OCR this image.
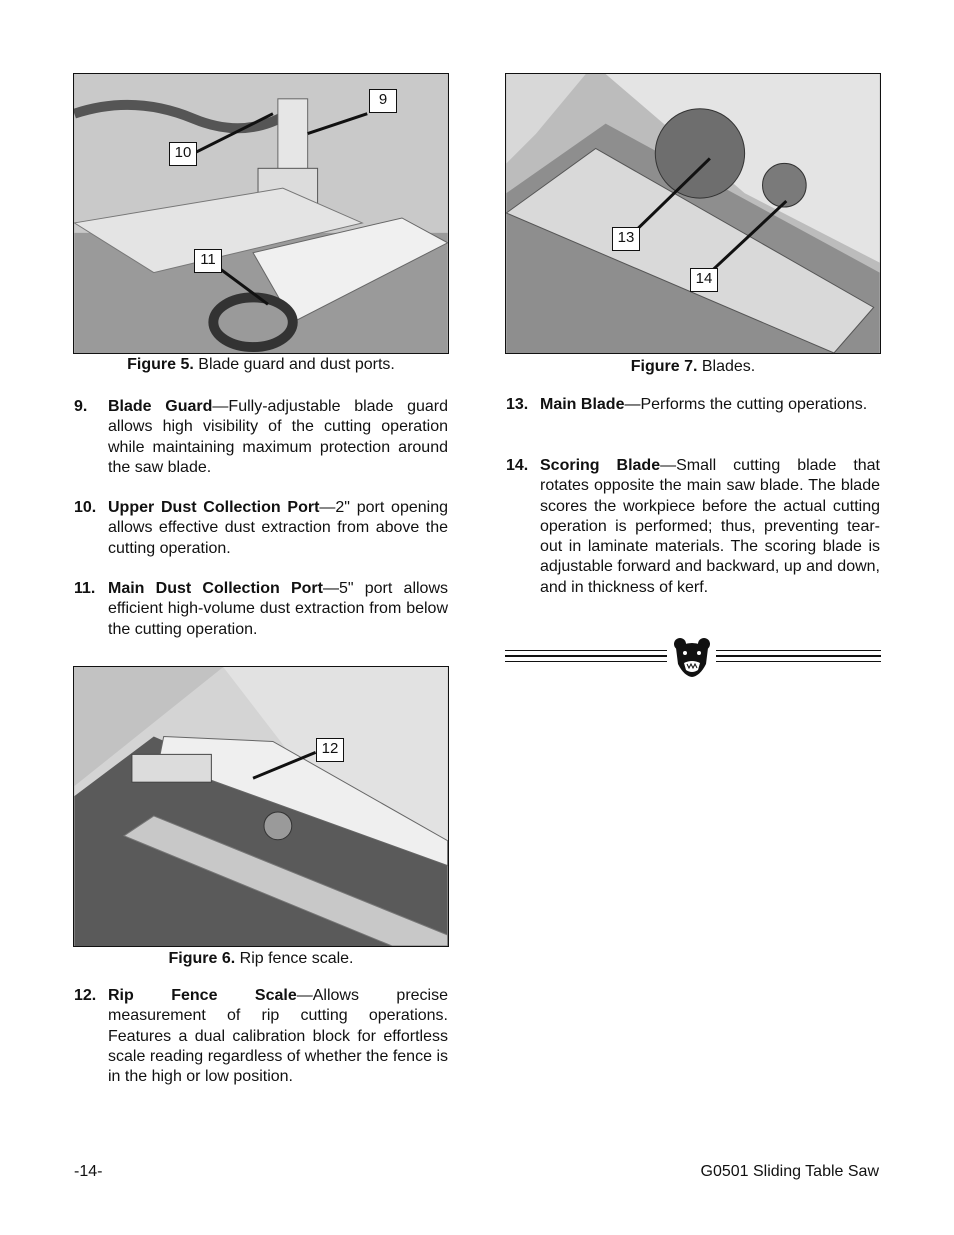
9
10
11
Figure 5. Blade guard and dust ports.
13
14
Figure 7. Blades.
12
Figure 6. Rip fence scale.
9. Blade Guard—Fully-adjustable blade guard allows high visibility of the cutting operation while maintaining maximum protection around the saw blade.
10. Upper Dust Collection Port—2" port opening allows effective dust extraction from above the cutting operation.
11. Main Dust Collection Port—5" port allows efficient high-volume dust extraction from below the cutting operation.
12. Rip Fence Scale—Allows precise measurement of rip cutting operations. Features a dual calibration block for effortless scale reading regardless of whether the fence is in the high or low position.
13. Main Blade—Performs the cutting operations.
14. Scoring Blade—Small cutting blade that rotates opposite the main saw blade. The blade scores the workpiece before the actual cutting operation is performed; thus, preventing tear-out in laminate materials. The scoring blade is adjustable forward and backward, up and down, and in thickness of kerf.
-14-	G0501 Sliding Table Saw
